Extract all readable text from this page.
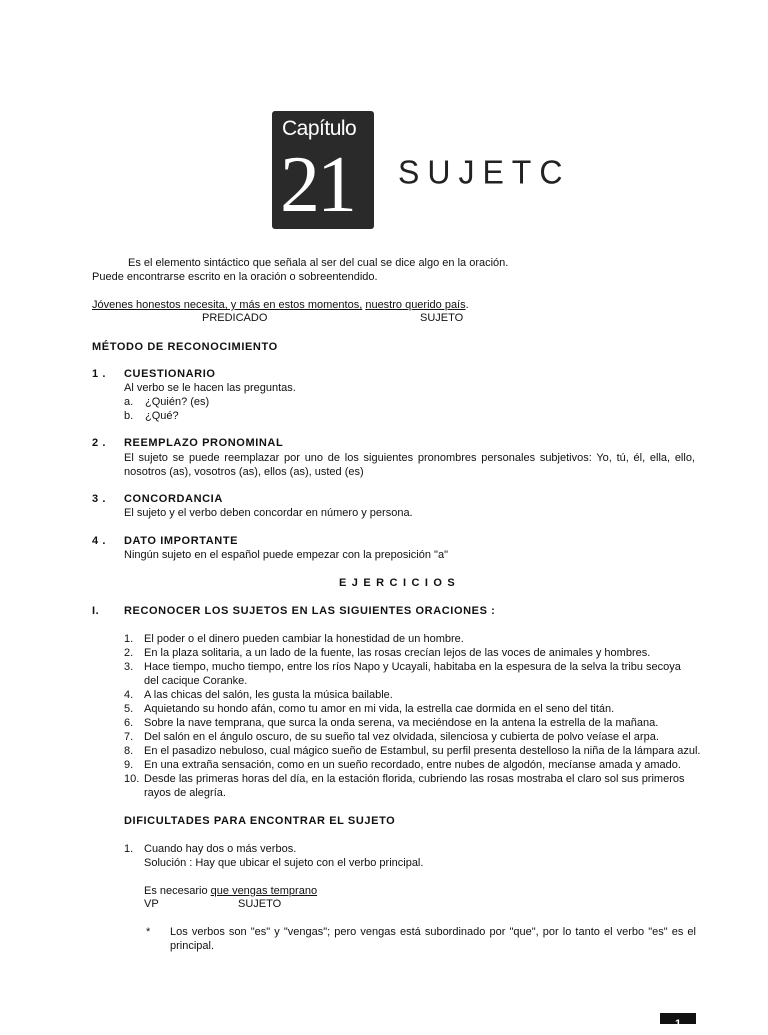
Capítulo
21 SUJETC
Es el elemento sintáctico que señala al ser del cual se dice algo en la oración.
Puede encontrarse escrito en la oración o sobreentendido.
Jóvenes honestos necesita, y más en estos momentos, nuestro querido país.
PREDICADO	SUJETO
MÉTODO DE RECONOCIMIENTO
1 . CUESTIONARIO
Al verbo se le hacen las preguntas.
a. ¿Quién? (es)
b. ¿Qué?
2 . REEMPLAZO PRONOMINAL
El sujeto se puede reemplazar por uno de los siguientes pronombres personales subjetivos: Yo, tú, él, ella, ello, nosotros (as), vosotros (as), ellos (as), usted (es)
3 . CONCORDANCIA
El sujeto y el verbo deben concordar en número y persona.
4 . DATO IMPORTANTE
Ningún sujeto en el español puede empezar con la preposición "a"
E J E R C I C I O S
I. RECONOCER LOS SUJETOS EN LAS SIGUIENTES ORACIONES :
1. El poder o el dinero pueden cambiar la honestidad de un hombre.
2. En la plaza solitaria, a un lado de la fuente, las rosas crecían lejos de las voces de animales y hombres.
3. Hace tiempo, mucho tiempo, entre los ríos Napo y Ucayali, habitaba en la espesura de la selva la tribu secoya del cacique Coranke.
4. A las chicas del salón, les gusta la música bailable.
5. Aquietando su hondo afán, como tu amor en mi vida, la estrella cae dormida en el seno del titán.
6. Sobre la nave temprana, que surca la onda serena, va meciéndose en la antena la estrella de la mañana.
7. Del salón en el ángulo oscuro, de su sueño tal vez olvidada, silenciosa y cubierta de polvo veíase el arpa.
8. En el pasadizo nebuloso, cual mágico sueño de Estambul, su perfil presenta destelloso la niña de la lámpara azul.
9. En una extraña sensación, como en un sueño recordado, entre nubes de algodón, mecíanse amada y amado.
10. Desde las primeras horas del día, en la estación florida, cubriendo las rosas mostraba el claro sol sus primeros rayos de alegría.
DIFICULTADES PARA ENCONTRAR EL SUJETO
1. Cuando hay dos o más verbos.
Solución : Hay que ubicar el sujeto con el verbo principal.
Es necesario que vengas temprano
VP	SUJETO
* Los verbos son "es" y "vengas"; pero vengas está subordinado por "que", por lo tanto el verbo "es" es el principal.
1
